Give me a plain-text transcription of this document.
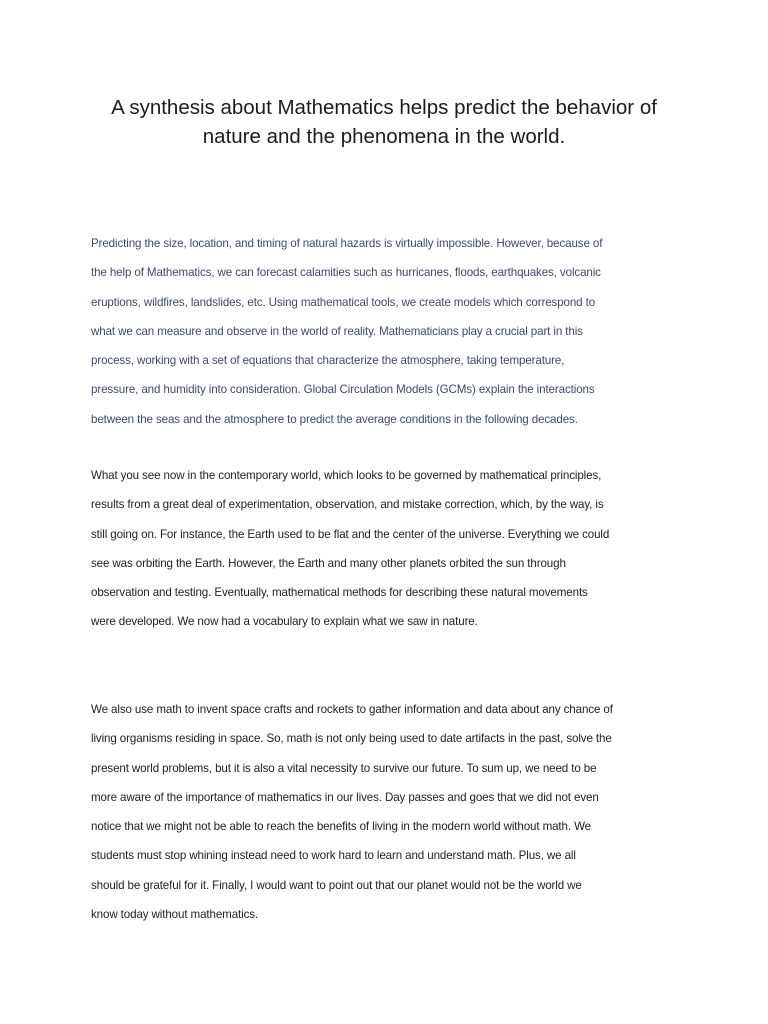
A synthesis about Mathematics helps predict the behavior of
nature and the phenomena in the world.

Predicting the size, location, and timing of natural hazards is virtually impossible. However, because of
the help of Mathematics, we can forecast calamities such as hurricanes, floods, earthquakes, volcanic
eruptions, wildfires, landslides, etc. Using mathematical tools, we create models which correspond to
what we can measure and observe in the world of reality. Mathematicians play a crucial part in this
process, working with a set of equations that characterize the atmosphere, taking temperature,
pressure, and humidity into consideration. Global Circulation Models (GCMs) explain the interactions
between the seas and the atmosphere to predict the average conditions in the following decades.

What you see now in the contemporary world, which looks to be governed by mathematical principles,
results from a great deal of experimentation, observation, and mistake correction, which, by the way, is
still going on. For instance, the Earth used to be flat and the center of the universe. Everything we could
see was orbiting the Earth. However, the Earth and many other planets orbited the sun through
observation and testing. Eventually, mathematical methods for describing these natural movements
were developed. We now had a vocabulary to explain what we saw in nature.

We also use math to invent space crafts and rockets to gather information and data about any chance of
living organisms residing in space. So, math is not only being used to date artifacts in the past, solve the
present world problems, but it is also a vital necessity to survive our future. To sum up, we need to be
more aware of the importance of mathematics in our lives. Day passes and goes that we did not even
notice that we might not be able to reach the benefits of living in the modern world without math. We
students must stop whining instead need to work hard to learn and understand math. Plus, we all
should be grateful for it. Finally, I would want to point out that our planet would not be the world we
know today without mathematics.
